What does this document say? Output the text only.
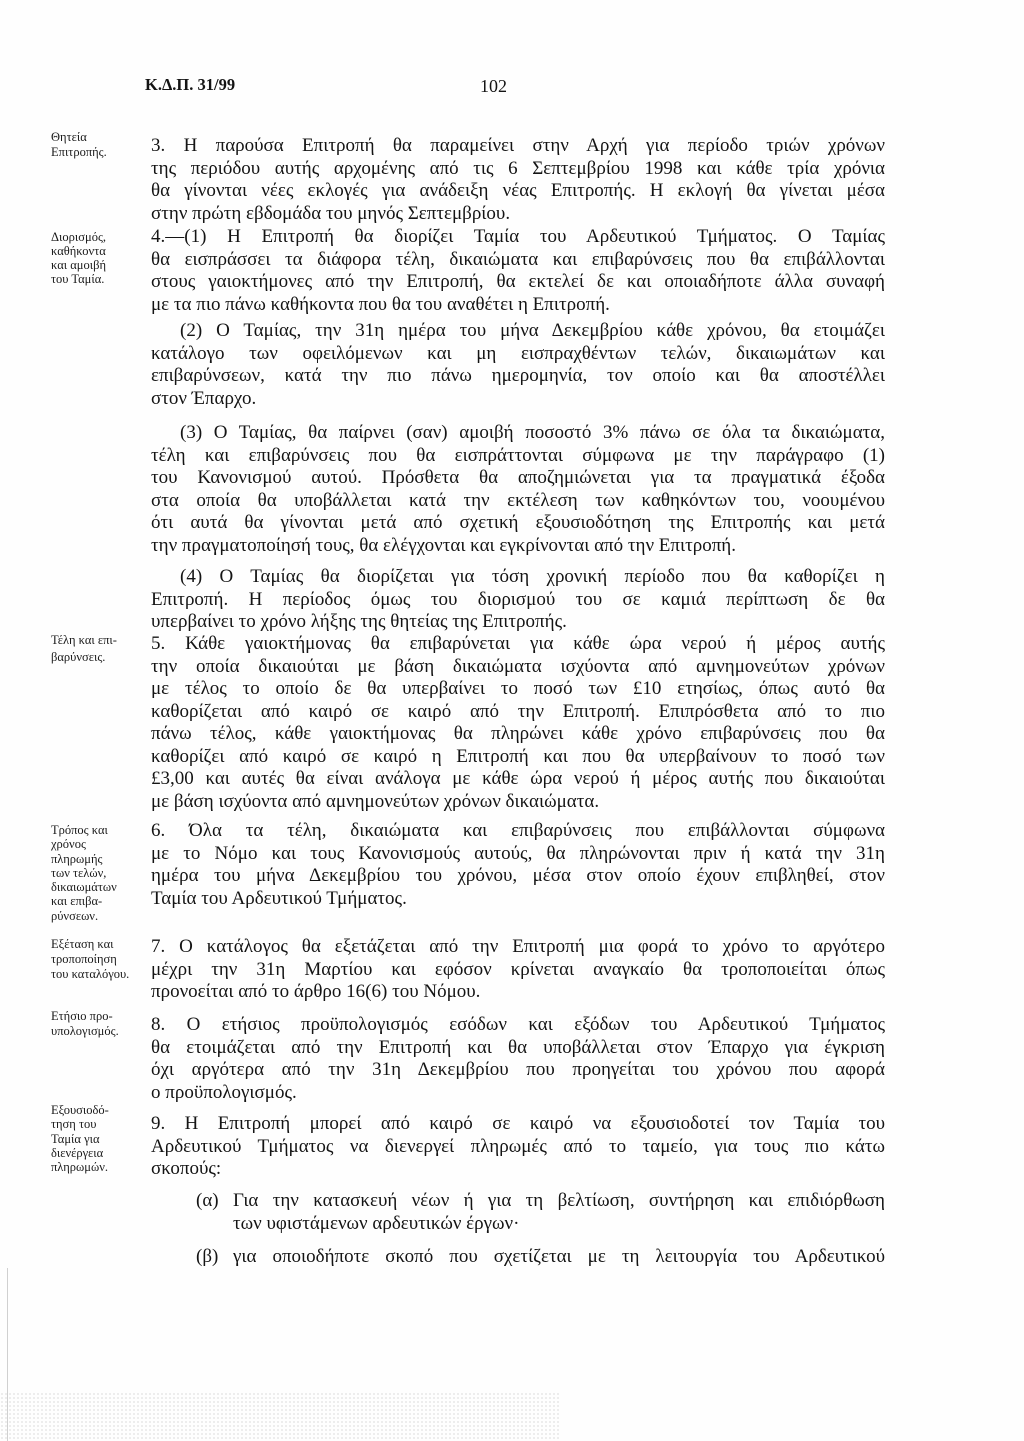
Κ.Δ.Π. 31/99	102
Θητεία
Επιτροπής.
Διορισμός,
καθήκοντα
και αμοιβή
του Ταμία.
Τέλη και επι-
βαρύνσεις.
Τρόπος και
χρόνος
πληρωμής
των τελών,
δικαιωμάτων
και επιβα-
ρύνσεων.
Εξέταση και
τροποποίηση
του καταλόγου.
Ετήσιο προ-
υπολογισμός.
Εξουσιοδό-
τηση του
Ταμία για
διενέργεια
πληρωμών.
3. Η παρούσα Επιτροπή θα παραμείνει στην Αρχή για περίοδο τριών χρόνων
της περιόδου αυτής αρχομένης από τις 6 Σεπτεμβρίου 1998 και κάθε τρία χρόνια
θα γίνονται νέες εκλογές για ανάδειξη νέας Επιτροπής. Η εκλογή θα γίνεται μέσα
στην πρώτη εβδομάδα του μηνός Σεπτεμβρίου.
4.—(1) Η Επιτροπή θα διορίζει Ταμία του Αρδευτικού Τμήματος. Ο Ταμίας
θα εισπράσσει τα διάφορα τέλη, δικαιώματα και επιβαρύνσεις που θα επιβάλλονται
στους γαιοκτήμονες από την Επιτροπή, θα εκτελεί δε και οποιαδήποτε άλλα συναφή
με τα πιο πάνω καθήκοντα που θα του αναθέτει η Επιτροπή.
(2) Ο Ταμίας, την 31η ημέρα του μήνα Δεκεμβρίου κάθε χρόνου, θα ετοιμάζει
κατάλογο των οφειλόμενων και μη εισπραχθέντων τελών, δικαιωμάτων και
επιβαρύνσεων, κατά την πιο πάνω ημερομηνία, τον οποίο και θα αποστέλλει
στον Έπαρχο.
(3) Ο Ταμίας, θα παίρνει (σαν) αμοιβή ποσοστό 3% πάνω σε όλα τα δικαιώματα,
τέλη και επιβαρύνσεις που θα εισπράττονται σύμφωνα με την παράγραφο (1)
του Κανονισμού αυτού. Πρόσθετα θα αποζημιώνεται για τα πραγματικά έξοδα
στα οποία θα υποβάλλεται κατά την εκτέλεση των καθηκόντων του, νοουμένου
ότι αυτά θα γίνονται μετά από σχετική εξουσιοδότηση της Επιτροπής και μετά
την πραγματοποίησή τους, θα ελέγχονται και εγκρίνονται από την Επιτροπή.
(4) Ο Ταμίας θα διορίζεται για τόση χρονική περίοδο που θα καθορίζει η
Επιτροπή. Η περίοδος όμως του διορισμού του σε καμιά περίπτωση δε θα
υπερβαίνει το χρόνο λήξης της θητείας της Επιτροπής.
5. Κάθε γαιοκτήμονας θα επιβαρύνεται για κάθε ώρα νερού ή μέρος αυτής
την οποία δικαιούται με βάση δικαιώματα ισχύοντα από αμνημονεύτων χρόνων
με τέλος το οποίο δε θα υπερβαίνει το ποσό των £10 ετησίως, όπως αυτό θα
καθορίζεται από καιρό σε καιρό από την Επιτροπή. Επιπρόσθετα από το πιο
πάνω τέλος, κάθε γαιοκτήμονας θα πληρώνει κάθε χρόνο επιβαρύνσεις που θα
καθορίζει από καιρό σε καιρό η Επιτροπή και που θα υπερβαίνουν το ποσό των
£3,00 και αυτές θα είναι ανάλογα με κάθε ώρα νερού ή μέρος αυτής που δικαιούται
με βάση ισχύοντα από αμνημονεύτων χρόνων δικαιώματα.
6. Όλα τα τέλη, δικαιώματα και επιβαρύνσεις που επιβάλλονται σύμφωνα
με το Νόμο και τους Κανονισμούς αυτούς, θα πληρώνονται πριν ή κατά την 31η
ημέρα του μήνα Δεκεμβρίου του χρόνου, μέσα στον οποίο έχουν επιβληθεί, στον
Ταμία του Αρδευτικού Τμήματος.
7. Ο κατάλογος θα εξετάζεται από την Επιτροπή μια φορά το χρόνο το αργότερο
μέχρι την 31η Μαρτίου και εφόσον κρίνεται αναγκαίο θα τροποποιείται όπως
προνοείται από το άρθρο 16(6) του Νόμου.
8. Ο ετήσιος προϋπολογισμός εσόδων και εξόδων του Αρδευτικού Τμήματος
θα ετοιμάζεται από την Επιτροπή και θα υποβάλλεται στον Έπαρχο για έγκριση
όχι αργότερα από την 31η Δεκεμβρίου που προηγείται του χρόνου που αφορά
ο προϋπολογισμός.
9. Η Επιτροπή μπορεί από καιρό σε καιρό να εξουσιοδοτεί τον Ταμία του
Αρδευτικού Τμήματος να διενεργεί πληρωμές από το ταμείο, για τους πιο κάτω
σκοπούς:
(α) Για την κατασκευή νέων ή για τη βελτίωση, συντήρηση και επιδιόρθωση
των υφιστάμενων αρδευτικών έργων·
(β) για οποιοδήποτε σκοπό που σχετίζεται με τη λειτουργία του Αρδευτικού
